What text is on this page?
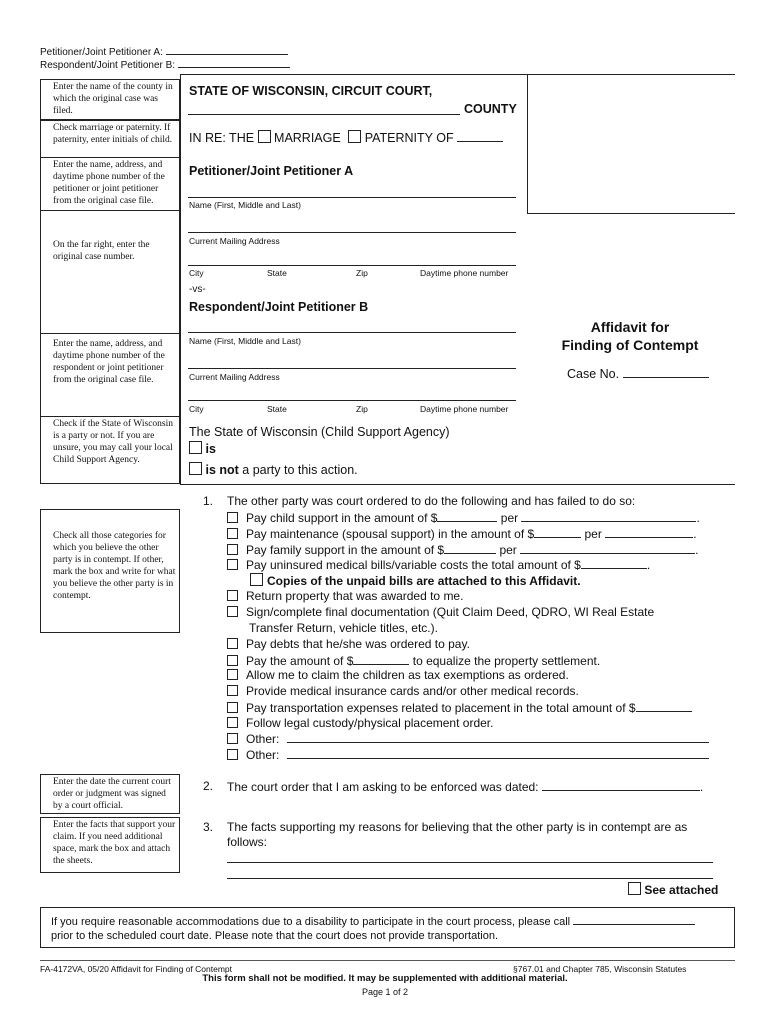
Petitioner/Joint Petitioner A:
Respondent/Joint Petitioner B:
Enter the name of the county in which the original case was filed.
Check marriage or paternity. If paternity, enter initials of child.
Enter the name, address, and daytime phone number of the petitioner or joint petitioner from the original case file.
On the far right, enter the original case number.
Enter the name, address, and daytime phone number of the respondent or joint petitioner from the original case file.
Check if the State of Wisconsin is a party or not. If you are unsure, you may call your local Child Support Agency.
Check all those categories for which you believe the other party is in contempt. If other, mark the box and write for what you believe the other party is in contempt.
Enter the date the current court order or judgment was signed by a court official.
Enter the facts that support your claim. If you need additional space, mark the box and attach the sheets.
STATE OF WISCONSIN, CIRCUIT COURT,
COUNTY
IN RE: THE MARRIAGE PATERNITY OF
Petitioner/Joint Petitioner A
Name (First, Middle and Last)
Current Mailing Address
City	State	Zip	Daytime phone number
-vs-
Respondent/Joint Petitioner B
Name (First, Middle and Last)
Current Mailing Address
City	State	Zip	Daytime phone number
The State of Wisconsin (Child Support Agency)
is
is not a party to this action.
Affidavit for
Finding of Contempt
Case No.
1. The other party was court ordered to do the following and has failed to do so:
Pay child support in the amount of $	per	.
Pay maintenance (spousal support) in the amount of $	per	.
Pay family support in the amount of $	per	.
Pay uninsured medical bills/variable costs the total amount of $	.
Copies of the unpaid bills are attached to this Affidavit.
Return property that was awarded to me.
Sign/complete final documentation (Quit Claim Deed, QDRO, WI Real Estate
Transfer Return, vehicle titles, etc.).
Pay debts that he/she was ordered to pay.
Pay the amount of $	to equalize the property settlement.
Allow me to claim the children as tax exemptions as ordered.
Provide medical insurance cards and/or other medical records.
Pay transportation expenses related to placement in the total amount of $
Follow legal custody/physical placement order.
Other:
Other:
2. The court order that I am asking to be enforced was dated:	.
3. The facts supporting my reasons for believing that the other party is in contempt are as
follows:
See attached
If you require reasonable accommodations due to a disability to participate in the court process, please call
prior to the scheduled court date. Please note that the court does not provide transportation.
FA-4172VA, 05/20 Affidavit for Finding of Contempt	§767.01 and Chapter 785, Wisconsin Statutes
This form shall not be modified. It may be supplemented with additional material.
Page 1 of 2
